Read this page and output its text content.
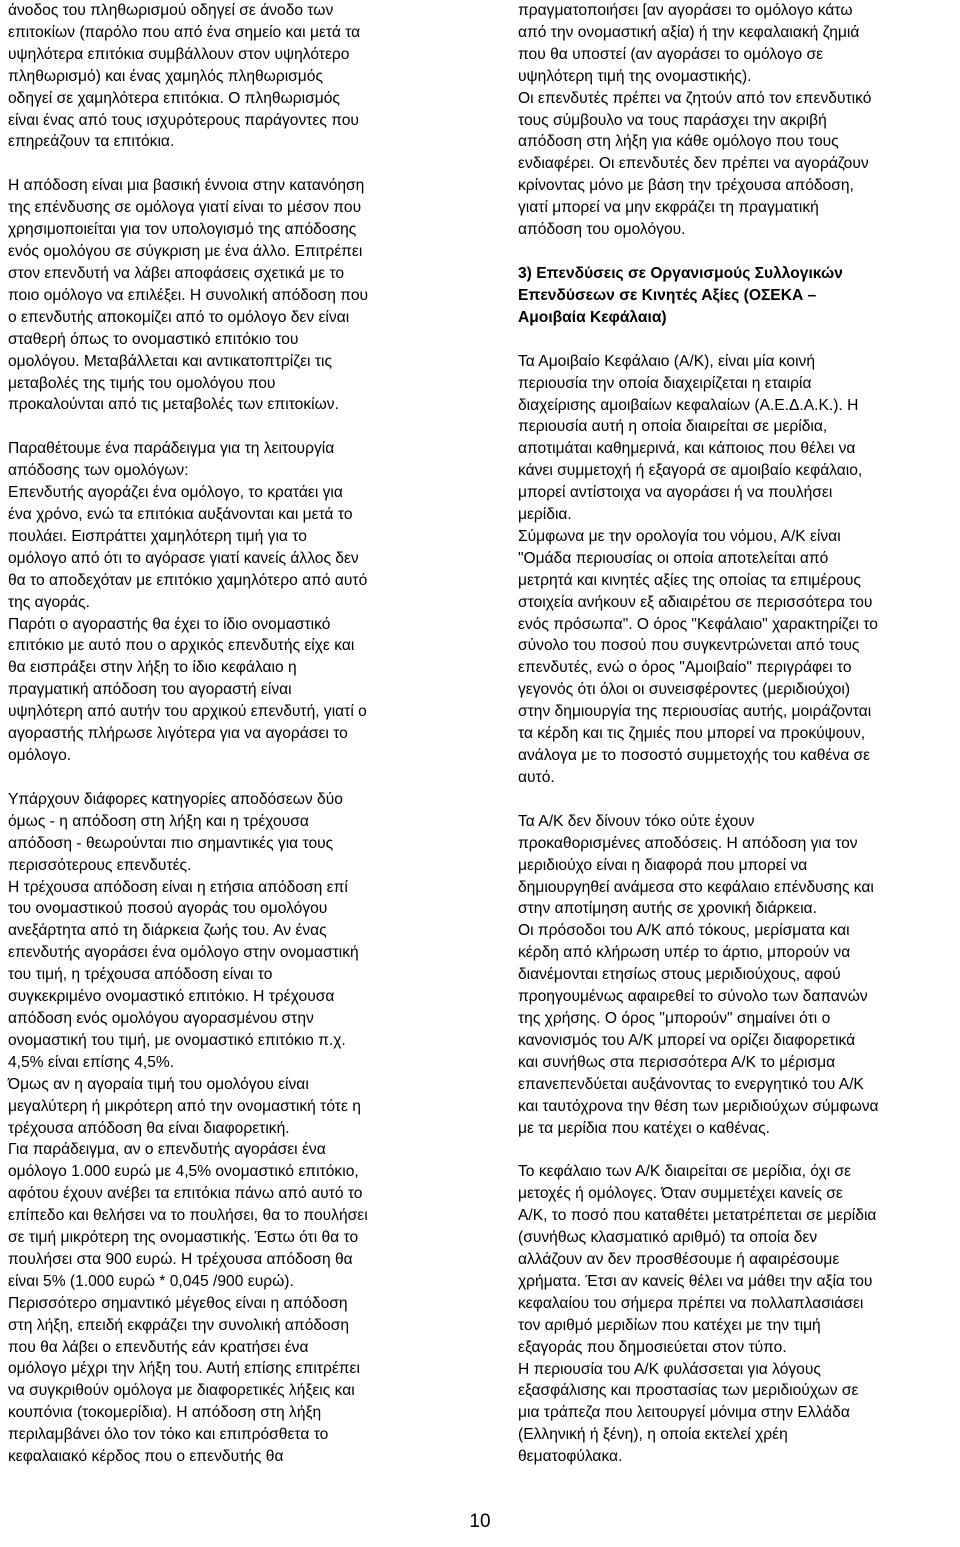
άνοδος του πληθωρισμού οδηγεί σε άνοδο των
επιτοκίων (παρόλο που από ένα σημείο και μετά τα
υψηλότερα επιτόκια συμβάλλουν στον υψηλότερο
πληθωρισμό) και ένας χαμηλός πληθωρισμός
οδηγεί σε χαμηλότερα επιτόκια. Ο πληθωρισμός
είναι ένας από τους ισχυρότερους παράγοντες που
επηρεάζουν τα επιτόκια.
Η απόδοση είναι μια βασική έννοια στην κατανόηση
της επένδυσης σε ομόλογα γιατί είναι το μέσον που
χρησιμοποιείται για τον υπολογισμό της απόδοσης
ενός ομολόγου σε σύγκριση με ένα άλλο. Επιτρέπει
στον επενδυτή να λάβει αποφάσεις σχετικά με το
ποιο ομόλογο να επιλέξει. Η συνολική απόδοση που
ο επενδυτής αποκομίζει από το ομόλογο δεν είναι
σταθερή όπως το ονομαστικό επιτόκιο του
ομολόγου. Μεταβάλλεται και αντικατοπτρίζει τις
μεταβολές της τιμής του ομολόγου που
προκαλούνται από τις μεταβολές των επιτοκίων.
Παραθέτουμε ένα παράδειγμα για τη λειτουργία
απόδοσης των ομολόγων:
Επενδυτής αγοράζει ένα ομόλογο, το κρατάει για
ένα χρόνο, ενώ τα επιτόκια αυξάνονται και μετά το
πουλάει. Εισπράττει χαμηλότερη τιμή για το
ομόλογο από ότι το αγόρασε γιατί κανείς άλλος δεν
θα το αποδεχόταν με επιτόκιο χαμηλότερο από αυτό
της αγοράς.
Παρότι ο αγοραστής θα έχει το ίδιο ονομαστικό
επιτόκιο με αυτό που ο αρχικός επενδυτής είχε και
θα εισπράξει στην λήξη το ίδιο κεφάλαιο η
πραγματική απόδοση του αγοραστή είναι
υψηλότερη από αυτήν του αρχικού επενδυτή, γιατί ο
αγοραστής πλήρωσε λιγότερα για να αγοράσει το
ομόλογο.
Υπάρχουν διάφορες κατηγορίες αποδόσεων δύο
όμως - η απόδοση στη λήξη και η τρέχουσα
απόδοση - θεωρούνται πιο σημαντικές για τους
περισσότερους επενδυτές.
Η τρέχουσα απόδοση είναι η ετήσια απόδοση επί
του ονομαστικού ποσού αγοράς του ομολόγου
ανεξάρτητα από τη διάρκεια ζωής του. Αν ένας
επενδυτής αγοράσει ένα ομόλογο στην ονομαστική
του τιμή, η τρέχουσα απόδοση είναι το
συγκεκριμένο ονομαστικό επιτόκιο. Η τρέχουσα
απόδοση ενός ομολόγου αγορασμένου στην
ονομαστική του τιμή, με ονομαστικό επιτόκιο π.χ.
4,5% είναι επίσης 4,5%.
Όμως αν η αγοραία τιμή του ομολόγου είναι
μεγαλύτερη ή μικρότερη από την ονομαστική τότε η
τρέχουσα απόδοση θα είναι διαφορετική.
Για παράδειγμα, αν ο επενδυτής αγοράσει ένα
ομόλογο 1.000 ευρώ με 4,5% ονομαστικό επιτόκιο,
αφότου έχουν ανέβει τα επιτόκια πάνω από αυτό το
επίπεδο και θελήσει να το πουλήσει, θα το πουλήσει
σε τιμή μικρότερη της ονομαστικής. Έστω ότι θα το
πουλήσει στα 900 ευρώ. Η τρέχουσα απόδοση θα
είναι 5% (1.000 ευρώ * 0,045 /900 ευρώ).
Περισσότερο σημαντικό μέγεθος είναι η απόδοση
στη λήξη, επειδή εκφράζει την συνολική απόδοση
που θα λάβει ο επενδυτής εάν κρατήσει ένα
ομόλογο μέχρι την λήξη του. Αυτή επίσης επιτρέπει
να συγκριθούν ομόλογα με διαφορετικές λήξεις και
κουπόνια (τοκομερίδια). Η απόδοση στη λήξη
περιλαμβάνει όλο τον τόκο και επιπρόσθετα το
κεφαλαιακό κέρδος που ο επενδυτής θα
πραγματοποιήσει [αν αγοράσει το ομόλογο κάτω
από την ονομαστική αξία) ή την κεφαλαιακή ζημιά
που θα υποστεί (αν αγοράσει το ομόλογο σε
υψηλότερη τιμή της ονομαστικής).
Οι επενδυτές πρέπει να ζητούν από τον επενδυτικό
τους σύμβουλο να τους παράσχει την ακριβή
απόδοση στη λήξη για κάθε ομόλογο που τους
ενδιαφέρει. Οι επενδυτές δεν πρέπει να αγοράζουν
κρίνοντας μόνο με βάση την τρέχουσα απόδοση,
γιατί μπορεί να μην εκφράζει τη πραγματική
απόδοση του ομολόγου.
3) Επενδύσεις σε Οργανισμούς Συλλογικών
Επενδύσεων σε Κινητές Αξίες (ΟΣΕΚΑ –
Αμοιβαία Κεφάλαια)
Τα Αμοιβαίο Κεφάλαιο (Α/Κ), είναι μία κοινή
περιουσία την οποία διαχειρίζεται η εταιρία
διαχείρισης αμοιβαίων κεφαλαίων (Α.Ε.Δ.Α.Κ.). Η
περιουσία αυτή η οποία διαιρείται σε μερίδια,
αποτιμάται καθημερινά, και κάποιος που θέλει να
κάνει συμμετοχή ή εξαγορά σε αμοιβαίο κεφάλαιο,
μπορεί αντίστοιχα να αγοράσει ή να πουλήσει
μερίδια.
Σύμφωνα με την ορολογία του νόμου, Α/Κ είναι
"Ομάδα περιουσίας οι οποία αποτελείται από
μετρητά και κινητές αξίες της οποίας τα επιμέρους
στοιχεία ανήκουν εξ αδιαιρέτου σε περισσότερα του
ενός πρόσωπα". Ο όρος "Κεφάλαιο" χαρακτηρίζει το
σύνολο του ποσού που συγκεντρώνεται από τους
επενδυτές, ενώ ο όρος "Αμοιβαίο" περιγράφει το
γεγονός ότι όλοι οι συνεισφέροντες (μεριδιούχοι)
στην δημιουργία της περιουσίας αυτής, μοιράζονται
τα κέρδη και τις ζημιές που μπορεί να προκύψουν,
ανάλογα με το ποσοστό συμμετοχής του καθένα σε
αυτό.
Τα Α/Κ δεν δίνουν τόκο ούτε έχουν
προκαθορισμένες αποδόσεις. Η απόδοση για τον
μεριδιούχο είναι η διαφορά που μπορεί να
δημιουργηθεί ανάμεσα στο κεφάλαιο επένδυσης και
στην αποτίμηση αυτής σε χρονική διάρκεια.
Οι πρόσοδοι του Α/Κ από τόκους, μερίσματα και
κέρδη από κλήρωση υπέρ το άρτιο, μπορούν να
διανέμονται ετησίως στους μεριδιούχους, αφού
προηγουμένως αφαιρεθεί το σύνολο των δαπανών
της χρήσης. Ο όρος "μπορούν" σημαίνει ότι ο
κανονισμός του Α/Κ μπορεί να ορίζει διαφορετικά
και συνήθως στα περισσότερα Α/Κ το μέρισμα
επανεπενδύεται αυξάνοντας το ενεργητικό του Α/Κ
και ταυτόχρονα την θέση των μεριδιούχων σύμφωνα
με τα μερίδια που κατέχει ο καθένας.
Το κεφάλαιο των Α/Κ διαιρείται σε μερίδια, όχι σε
μετοχές ή ομόλογες. Όταν συμμετέχει κανείς σε
Α/Κ, το ποσό που καταθέτει μετατρέπεται σε μερίδια
(συνήθως κλασματικό αριθμό) τα οποία δεν
αλλάζουν αν δεν προσθέσουμε ή αφαιρέσουμε
χρήματα. Έτσι αν κανείς θέλει να μάθει την αξία του
κεφαλαίου του σήμερα πρέπει να πολλαπλασιάσει
τον αριθμό μεριδίων που κατέχει με την τιμή
εξαγοράς που δημοσιεύεται στον τύπο.
Η περιουσία του Α/Κ φυλάσσεται για λόγους
εξασφάλισης και προστασίας των μεριδιούχων σε
μια τράπεζα που λειτουργεί μόνιμα στην Ελλάδα
(Ελληνική ή ξένη), η οποία εκτελεί χρέη
θεματοφύλακα.
10
